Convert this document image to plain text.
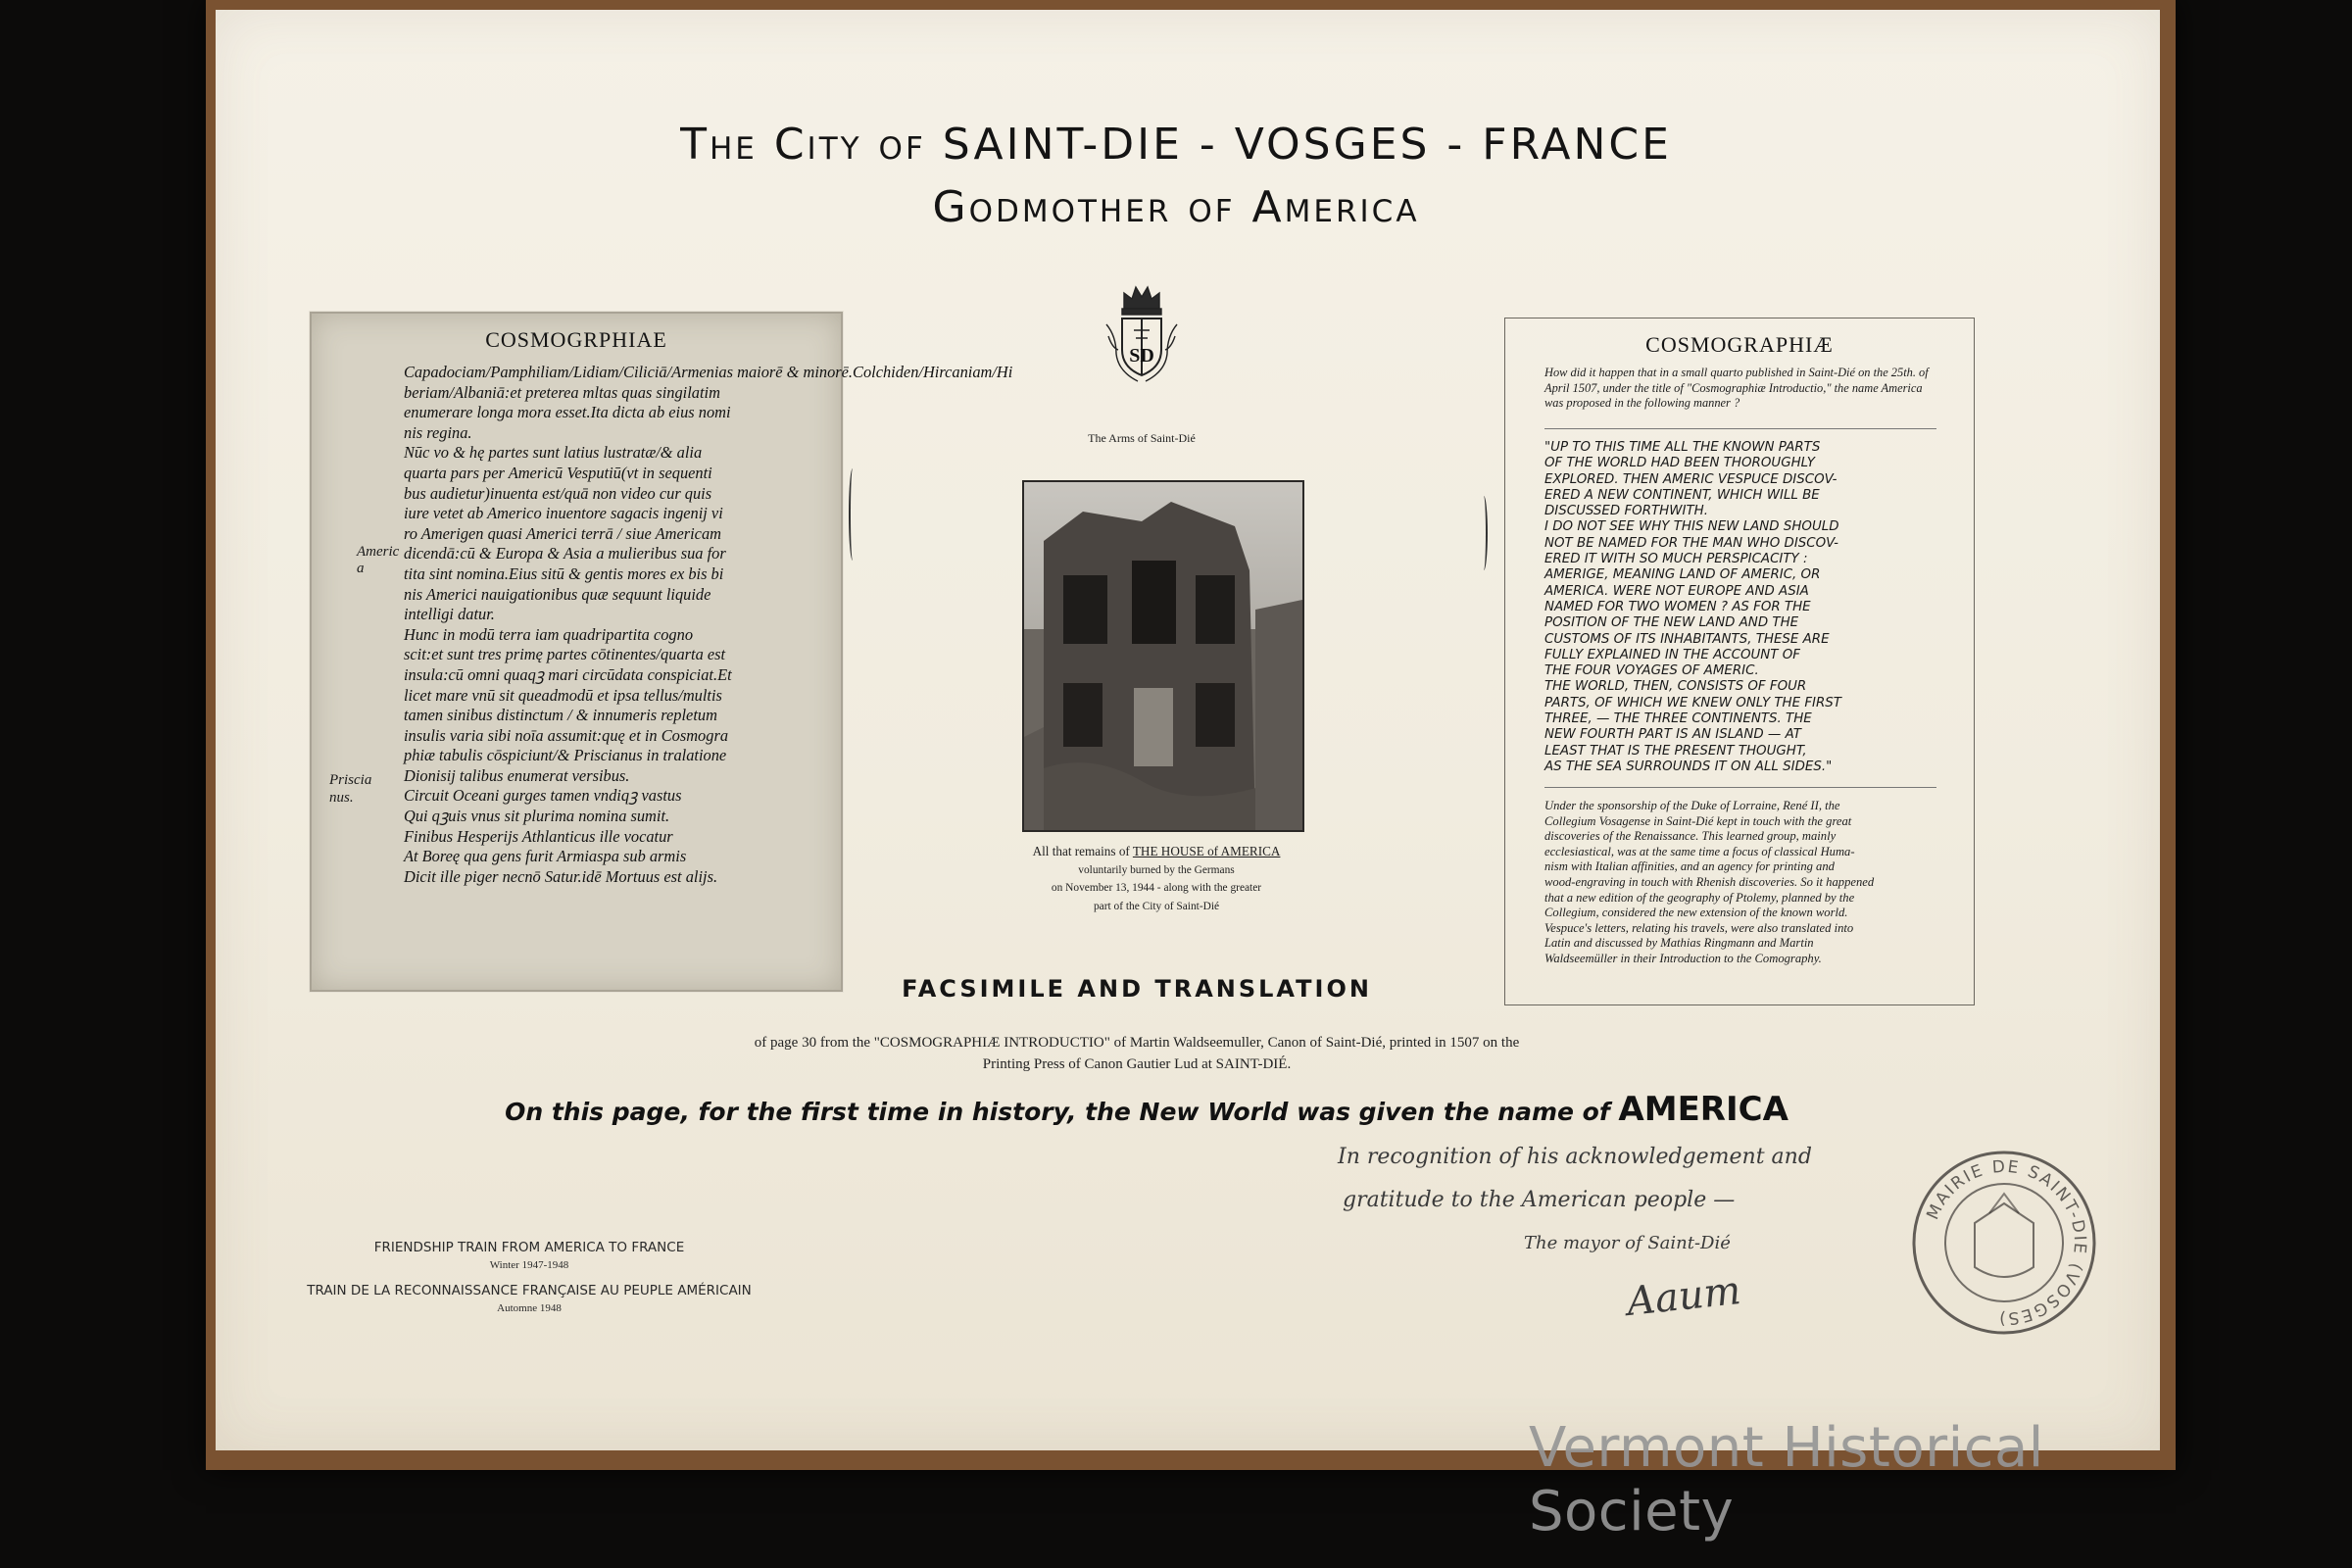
The City of SAINT-DIE - VOSGES - FRANCE
Godmother of America
COSMOGRPHIAE
Capadociam/Pamphiliam/Lidiam/Ciliciā/Armenias maiorē & minorē.Colchiden/Hircaniam/Hi
beriam/Albaniā:et preterea mltas quas singilatim
enumerare longa mora esset.Ita dicta ab eius nomi
nis regina.
Nūc vo & hę partes sunt latius lustratæ/& alia
quarta pars per Americū Vesputiū(vt in sequenti
bus audietur)inuenta est/quā non video cur quis
iure vetet ab Americo inuentore sagacis ingenij vi
ro Amerigen quasi Americi terrā / siue Americam
dicendā:cū & Europa & Asia a mulieribus sua for
tita sint nomina.Eius sitū & gentis mores ex bis bi
nis Americi nauigationibus quæ sequunt liquide
intelligi datur.
Hunc in modū terra iam quadripartita cogno
scit:et sunt tres primę partes cōtinentes/quarta est
insula:cū omni quaqꝫ mari circūdata conspiciat.Et
licet mare vnū sit queadmodū et ipsa tellus/multis
tamen sinibus distinctum / & innumeris repletum
insulis varia sibi noīa assumit:quę et in Cosmogra
phiæ tabulis cōspiciunt/& Priscianus in tralatione
Dionisij talibus enumerat versibus.
Circuit Oceani gurges tamen vndiqꝫ vastus
Qui qꝫuis vnus sit plurima nomina sumit.
Finibus Hesperijs Athlanticus ille vocatur
At Boreę qua gens furit Armiaspa sub armis
Dicit ille piger necnō Satur.idē Mortuus est alijs.
Americ
a
Priscia
nus.
SD
The Arms of Saint-Dié
All that remains of THE HOUSE of AMERICA
voluntarily burned by the Germans
on November 13, 1944 - along with the greater
part of the City of Saint-Dié
COSMOGRAPHIÆ
How did it happen that in a small quarto published in Saint-Dié on the 25th. of April 1507, under the title of "Cosmographiæ Introductio," the name America was proposed in the following manner ?
"UP TO THIS TIME ALL THE KNOWN PARTS
OF THE WORLD HAD BEEN THOROUGHLY
EXPLORED. THEN AMERIC VESPUCE DISCOV-
ERED A NEW CONTINENT, WHICH WILL BE
DISCUSSED FORTHWITH.
I DO NOT SEE WHY THIS NEW LAND SHOULD
NOT BE NAMED FOR THE MAN WHO DISCOV-
ERED IT WITH SO MUCH PERSPICACITY :
AMERIGE, MEANING LAND OF AMERIC, OR
AMERICA. WERE NOT EUROPE AND ASIA
NAMED FOR TWO WOMEN ? AS FOR THE
POSITION OF THE NEW LAND AND THE
CUSTOMS OF ITS INHABITANTS, THESE ARE
FULLY EXPLAINED IN THE ACCOUNT OF
THE FOUR VOYAGES OF AMERIC.
THE WORLD, THEN, CONSISTS OF FOUR
PARTS, OF WHICH WE KNEW ONLY THE FIRST
THREE, — THE THREE CONTINENTS. THE
NEW FOURTH PART IS AN ISLAND — AT
LEAST THAT IS THE PRESENT THOUGHT,
AS THE SEA SURROUNDS IT ON ALL SIDES."
Under the sponsorship of the Duke of Lorraine, René II, the
Collegium Vosagense in Saint-Dié kept in touch with the great
discoveries of the Renaissance. This learned group, mainly
ecclesiastical, was at the same time a focus of classical Huma-
nism with Italian affinities, and an agency for printing and
wood-engraving in touch with Rhenish discoveries. So it happened
that a new edition of the geography of Ptolemy, planned by the
Collegium, considered the new extension of the known world.
Vespuce's letters, relating his travels, were also translated into
Latin and discussed by Mathias Ringmann and Martin
Waldseemüller in their Introduction to the Comography.
FACSIMILE AND TRANSLATION
of page 30 from the "COSMOGRAPHIÆ INTRODUCTIO" of Martin Waldseemuller, Canon of Saint-Dié, printed in 1507 on the
Printing Press of Canon Gautier Lud at SAINT-DIÉ.
On this page, for the first time in history, the New World was given the name of AMERICA
In recognition of his acknowledgement and
gratitude to the American people —
The mayor of Saint-Dié
Aaum
MAIRIE DE SAINT-DIE (VOSGES)
FRIENDSHIP TRAIN FROM AMERICA TO FRANCE
Winter 1947-1948
TRAIN DE LA RECONNAISSANCE FRANÇAISE AU PEUPLE AMÉRICAIN
Automne 1948
Vermont Historical Society
